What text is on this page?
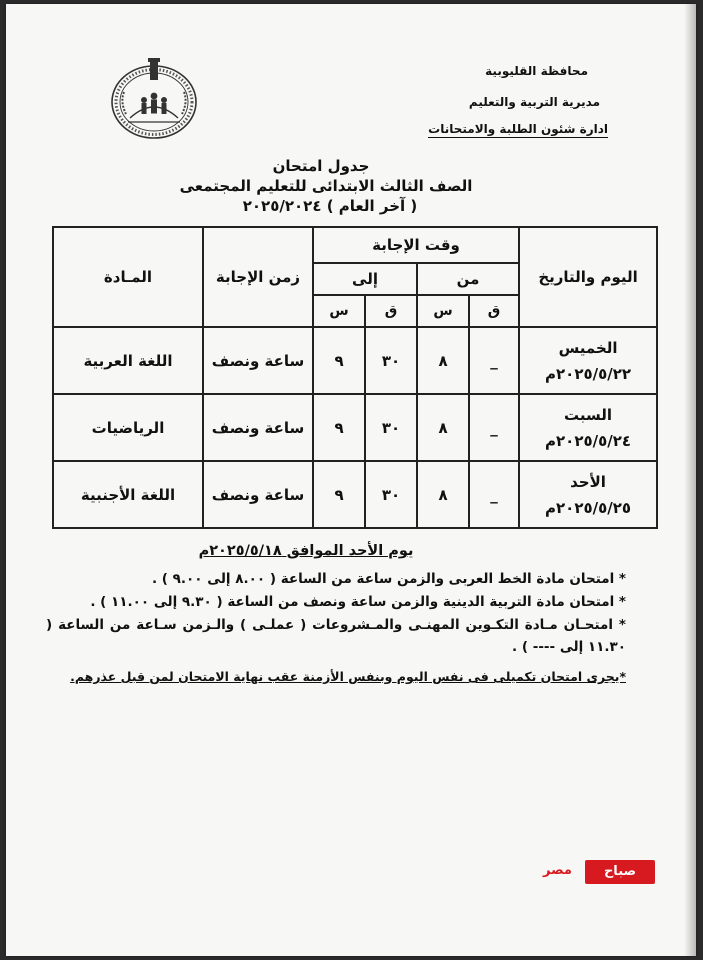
محافظة القليوبية
مديرية التربية والتعليم
ادارة شئون الطلبة والامتحانات
جدول امتحان
الصف الثالث الابتدائى للتعليم المجتمعى
( آخر العام ) ٢٠٢٥/٢٠٢٤
اليوم والتاريخ	وقت الإجابة				زمن الإجابة	المـادة
	من		إلى			
	ق	س	ق	س		

الخميس
٢٠٢٥/٥/٢٢م	_	٨	٣٠	٩	ساعة ونصف	اللغة العربية

السبت
٢٠٢٥/٥/٢٤م	_	٨	٣٠	٩	ساعة ونصف	الرياضيات

الأحد
٢٠٢٥/٥/٢٥م	_	٨	٣٠	٩	ساعة ونصف	اللغة الأجنبية
يوم الأحد الموافق ٢٠٢٥/٥/١٨م
* امتحان مادة الخط العربى والزمن ساعة من الساعة ( ٨.٠٠ إلى ٩.٠٠ ) .
* امتحان مادة التربية الدينية والزمن ساعة ونصف من الساعة ( ٩.٣٠ إلى ١١.٠٠ ) .
* امتحـان مـادة التكـوين المهنـى والمـشروعات ( عملـى ) والـزمن سـاعة من الساعة ( ١١.٣٠ إلى ---- ) .
*يجرى امتحان تكميلى فى نفس اليوم وبنفس الأزمنة عقب نهاية الامتحان لمن قبل عذرهم.
صباح
مصر
